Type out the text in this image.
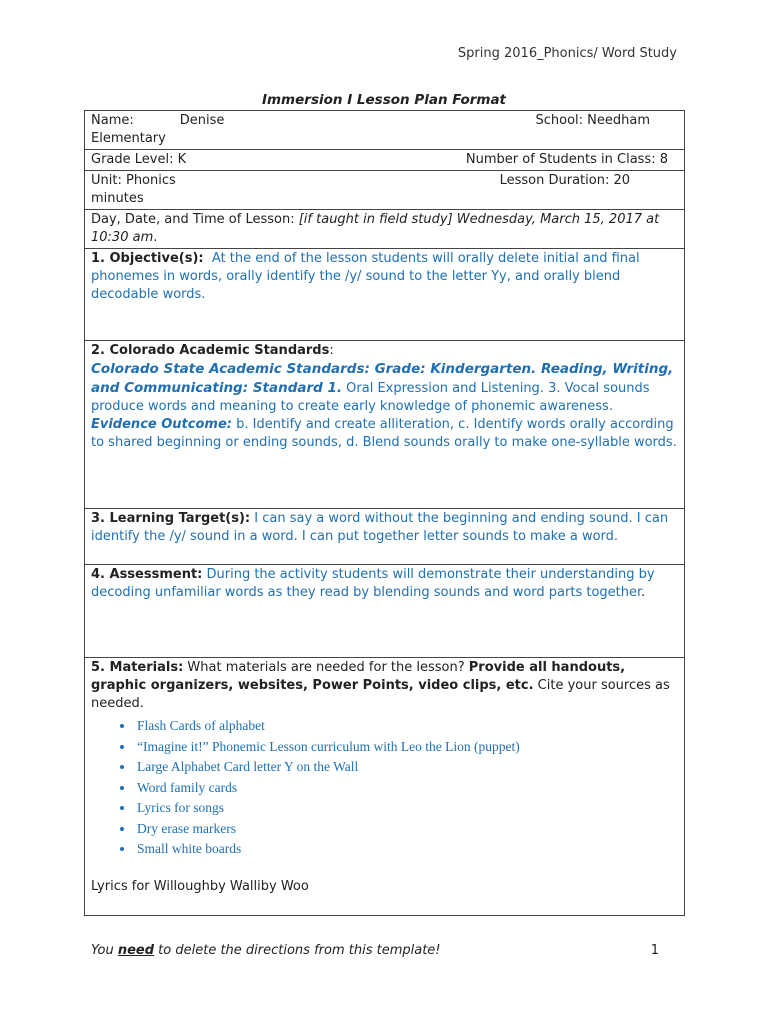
Spring 2016_Phonics/ Word Study
Immersion I Lesson Plan Format
Name:	Denise	School: Needham
Elementary

Grade Level: K	Number of Students in Class: 8

Unit: Phonics	Lesson Duration: 20
minutes

Day, Date, and Time of Lesson: [if taught in field study] Wednesday, March 15, 2017 at 10:30 am.
1. Objective(s): At the end of the lesson students will orally delete initial and final phonemes in words, orally identify the /y/ sound to the letter Yy, and orally blend decodable words.

2. Colorado Academic Standards:
Colorado State Academic Standards: Grade: Kindergarten. Reading, Writing, and Communicating: Standard 1. Oral Expression and Listening. 3. Vocal sounds produce words and meaning to create early knowledge of phonemic awareness. Evidence Outcome: b. Identify and create alliteration, c. Identify words orally according to shared beginning or ending sounds, d. Blend sounds orally to make one-syllable words.

3. Learning Target(s): I can say a word without the beginning and ending sound. I can identify the /y/ sound in a word. I can put together letter sounds to make a word.
4. Assessment: During the activity students will demonstrate their understanding by decoding unfamiliar words as they read by blending sounds and word parts together.

5. Materials: What materials are needed for the lesson? Provide all handouts, graphic organizers, websites, Power Points, video clips, etc. Cite your sources as needed.
• Flash Cards of alphabet
• “Imagine it!” Phonemic Lesson curriculum with Leo the Lion (puppet)
• Large Alphabet Card letter Y on the Wall
• Word family cards
• Lyrics for songs
• Dry erase markers
• Small white boards
Lyrics for Willoughby Walliby Woo
You need to delete the directions from this template!	1
